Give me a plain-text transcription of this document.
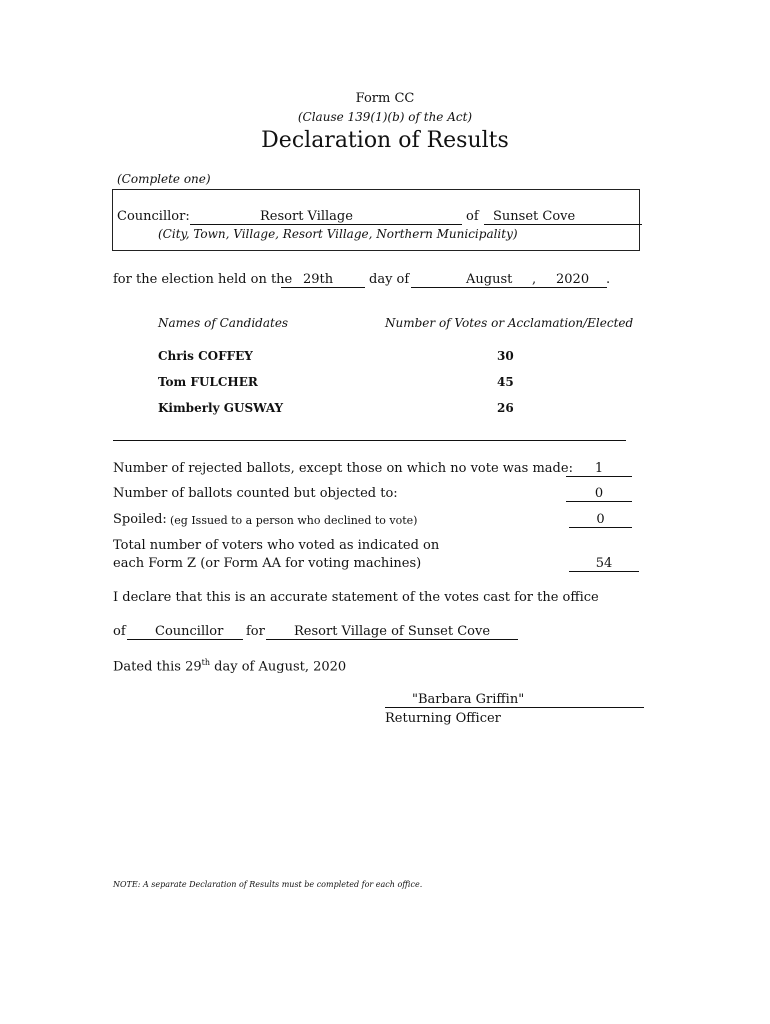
Form CC
(Clause 139(1)(b) of the Act)
Declaration of Results
(Complete one)
Councillor:	Resort Village	of	Sunset Cove
(City, Town, Village, Resort Village, Northern Municipality)
for the election held on the 29th	day of	August	, 2020 .
Names of Candidates	Number of Votes or Acclamation/Elected
Chris COFFEY	30
Tom FULCHER	45
Kimberly GUSWAY	26
Number of rejected ballots, except those on which no vote was made:	1
Number of ballots counted but objected to:	0
Spoiled: (eg Issued to a person who declined to vote)	0
Total number of voters who voted as indicated on
each Form Z (or Form AA for voting machines)	54
I declare that this is an accurate statement of the votes cast for the office
of	Councillor	for	Resort Village of Sunset Cove
Dated this 29th day of August, 2020
"Barbara Griffin"
Returning Officer
NOTE: A separate Declaration of Results must be completed for each office.
